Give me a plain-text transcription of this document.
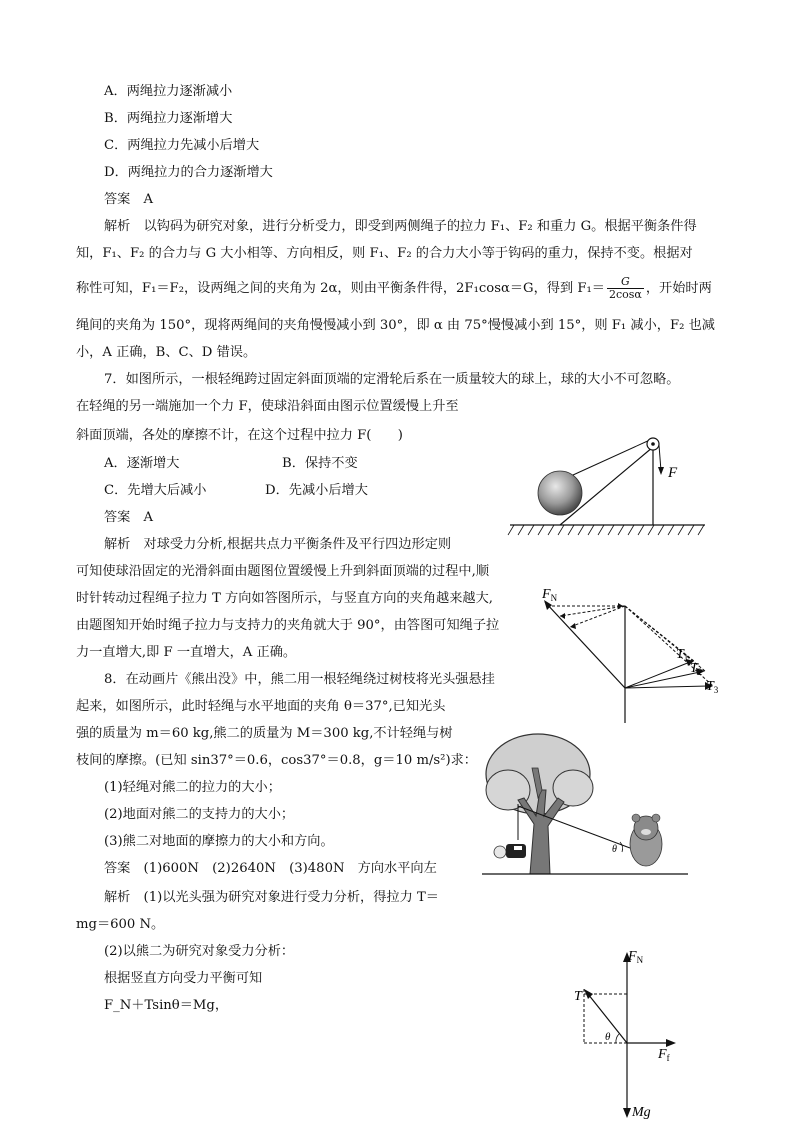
A．两绳拉力逐渐减小
B．两绳拉力逐渐增大
C．两绳拉力先减小后增大
D．两绳拉力的合力逐渐增大
答案　A
解析　以钩码为研究对象，进行分析受力，即受到两侧绳子的拉力 F₁、F₂ 和重力 G。根据平衡条件得
知，F₁、F₂ 的合力与 G 大小相等、方向相反，则 F₁、F₂ 的合力大小等于钩码的重力，保持不变。根据对
称性可知，F₁＝F₂，设两绳之间的夹角为 2α，则由平衡条件得，2F₁cosα＝G，得到 $F_1= \frac{G}{2\cos\alpha}$ ，开始时两
绳间的夹角为 150°，现将两绳间的夹角慢慢减小到 30°，即 α 由 75°慢慢减小到 15°，则 F₁ 减小，F₂ 也减
小，A 正确，B、C、D 错误。
7．如图所示，一根轻绳跨过固定斜面顶端的定滑轮后系在一质量较大的球上，球的大小不可忽略。
在轻绳的另一端施加一个力 F，使球沿斜面由图示位置缓慢上升至
斜面顶端，各处的摩擦不计，在这个过程中拉力 F(　　)
A．逐渐增大	B．保持不变
C．先增大后减小	D．先减小后增大
答案　A
解析　对球受力分析,根据共点力平衡条件及平行四边形定则
可知使球沿固定的光滑斜面由题图位置缓慢上升到斜面顶端的过程中,顺
时针转动过程绳子拉力 T 方向如答图所示，与竖直方向的夹角越来越大,
由题图知开始时绳子拉力与支持力的夹角就大于 90°，由答图可知绳子拉
力一直增大,即 F 一直增大，A 正确。
F
$F_N$
$T_1$
$T_2$
$T_3$
8．在动画片《熊出没》中，熊二用一根轻绳绕过树枝将光头强悬挂
起来，如图所示，此时轻绳与水平地面的夹角 θ＝37°,已知光头
强的质量为 m＝60 kg,熊二的质量为 M＝300 kg,不计轻绳与树
枝间的摩擦。(已知 sin37°＝0.6，cos37°＝0.8，g＝10 m/s²)求：
(1)轻绳对熊二的拉力的大小；
(2)地面对熊二的支持力的大小；
(3)熊二对地面的摩擦力的大小和方向。
答案　(1)600N　(2)2640N　(3)480N　方向水平向左
解析　(1)以光头强为研究对象进行受力分析，得拉力 T＝
mg＝600 N。
(2)以熊二为研究对象受力分析：
根据竖直方向受力平衡可知
F_N＋Tsinθ＝Mg，
θ
$F_N$
T
θ
$F_f$
Mg
